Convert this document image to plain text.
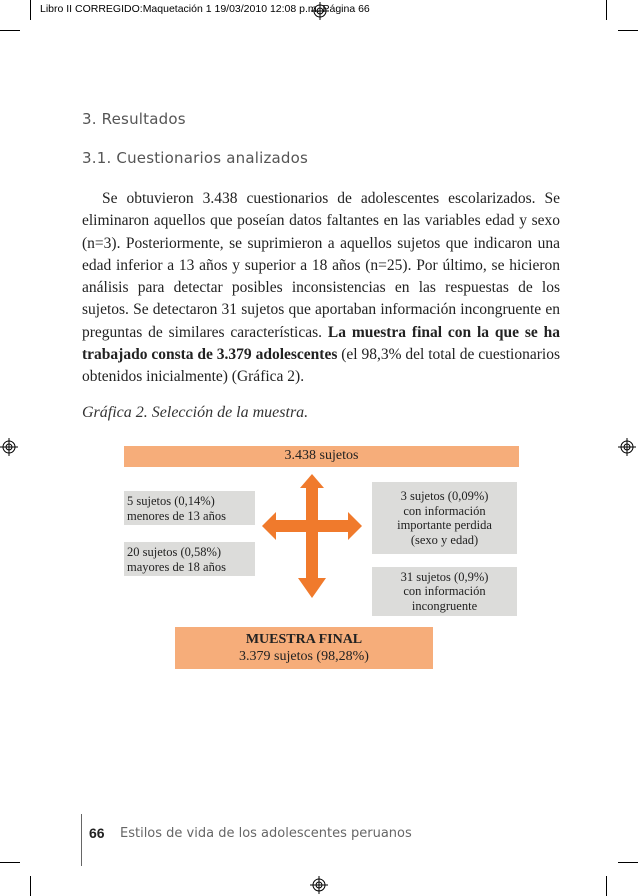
Libro II CORREGIDO:Maquetación 1 19/03/2010 12:08 p.m. Página 66
3. Resultados
3.1. Cuestionarios analizados

Se obtuvieron 3.438 cuestionarios de adolescentes escolarizados. Se eliminaron aquellos que poseían datos faltantes en las variables edad y sexo (n=3). Posteriormente, se suprimieron a aquellos sujetos que indicaron una edad inferior a 13 años y superior a 18 años (n=25). Por último, se hicieron análisis para detectar posibles inconsistencias en las respuestas de los sujetos. Se detectaron 31 sujetos que aportaban información incongruente en preguntas de similares características. La muestra final con la que se ha trabajado consta de 3.379 adolescentes (el 98,3% del total de cuestionarios obtenidos inicialmente) (Gráfica 2).

Gráfica 2. Selección de la muestra.
3.438 sujetos
5 sujetos (0,14%)
menores de 13 años
20 sujetos (0,58%)
mayores de 18 años
3 sujetos (0,09%)
con información
importante perdida
(sexo y edad)
31 sujetos (0,9%)
con información
incongruente
MUESTRA FINAL
3.379 sujetos (98,28%)
66 Estilos de vida de los adolescentes peruanos
